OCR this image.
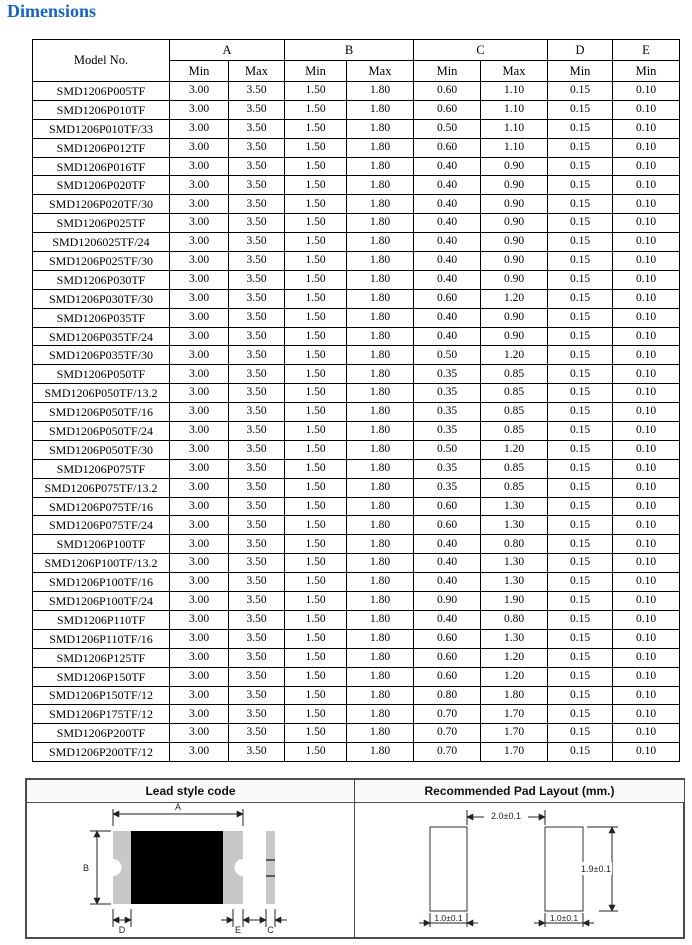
Dimensions
Model No.	A		B		C		D	E
	Min	Max	Min	Max	Min	Max	Min	Min
SMD1206P005TF	3.00	3.50	1.50	1.80	0.60	1.10	0.15	0.10
SMD1206P010TF	3.00	3.50	1.50	1.80	0.60	1.10	0.15	0.10
SMD1206P010TF/33	3.00	3.50	1.50	1.80	0.50	1.10	0.15	0.10
SMD1206P012TF	3.00	3.50	1.50	1.80	0.60	1.10	0.15	0.10
SMD1206P016TF	3.00	3.50	1.50	1.80	0.40	0.90	0.15	0.10
SMD1206P020TF	3.00	3.50	1.50	1.80	0.40	0.90	0.15	0.10
SMD1206P020TF/30	3.00	3.50	1.50	1.80	0.40	0.90	0.15	0.10
SMD1206P025TF	3.00	3.50	1.50	1.80	0.40	0.90	0.15	0.10
SMD1206025TF/24	3.00	3.50	1.50	1.80	0.40	0.90	0.15	0.10
SMD1206P025TF/30	3.00	3.50	1.50	1.80	0.40	0.90	0.15	0.10
SMD1206P030TF	3.00	3.50	1.50	1.80	0.40	0.90	0.15	0.10
SMD1206P030TF/30	3.00	3.50	1.50	1.80	0.60	1.20	0.15	0.10
SMD1206P035TF	3.00	3.50	1.50	1.80	0.40	0.90	0.15	0.10
SMD1206P035TF/24	3.00	3.50	1.50	1.80	0.40	0.90	0.15	0.10
SMD1206P035TF/30	3.00	3.50	1.50	1.80	0.50	1.20	0.15	0.10
SMD1206P050TF	3.00	3.50	1.50	1.80	0.35	0.85	0.15	0.10
SMD1206P050TF/13.2	3.00	3.50	1.50	1.80	0.35	0.85	0.15	0.10
SMD1206P050TF/16	3.00	3.50	1.50	1.80	0.35	0.85	0.15	0.10
SMD1206P050TF/24	3.00	3.50	1.50	1.80	0.35	0.85	0.15	0.10
SMD1206P050TF/30	3.00	3.50	1.50	1.80	0.50	1.20	0.15	0.10
SMD1206P075TF	3.00	3.50	1.50	1.80	0.35	0.85	0.15	0.10
SMD1206P075TF/13.2	3.00	3.50	1.50	1.80	0.35	0.85	0.15	0.10
SMD1206P075TF/16	3.00	3.50	1.50	1.80	0.60	1.30	0.15	0.10
SMD1206P075TF/24	3.00	3.50	1.50	1.80	0.60	1.30	0.15	0.10
SMD1206P100TF	3.00	3.50	1.50	1.80	0.40	0.80	0.15	0.10
SMD1206P100TF/13.2	3.00	3.50	1.50	1.80	0.40	1.30	0.15	0.10
SMD1206P100TF/16	3.00	3.50	1.50	1.80	0.40	1.30	0.15	0.10
SMD1206P100TF/24	3.00	3.50	1.50	1.80	0.90	1.90	0.15	0.10
SMD1206P110TF	3.00	3.50	1.50	1.80	0.40	0.80	0.15	0.10
SMD1206P110TF/16	3.00	3.50	1.50	1.80	0.60	1.30	0.15	0.10
SMD1206P125TF	3.00	3.50	1.50	1.80	0.60	1.20	0.15	0.10
SMD1206P150TF	3.00	3.50	1.50	1.80	0.60	1.20	0.15	0.10
SMD1206P150TF/12	3.00	3.50	1.50	1.80	0.80	1.80	0.15	0.10
SMD1206P175TF/12	3.00	3.50	1.50	1.80	0.70	1.70	0.15	0.10
SMD1206P200TF	3.00	3.50	1.50	1.80	0.70	1.70	0.15	0.10
SMD1206P200TF/12	3.00	3.50	1.50	1.80	0.70	1.70	0.15	0.10
Lead style code
A
B
D	E	C
Recommended Pad Layout (mm.)
2.0±0.1
1.9±0.1
1.0±0.1	1.0±0.1
